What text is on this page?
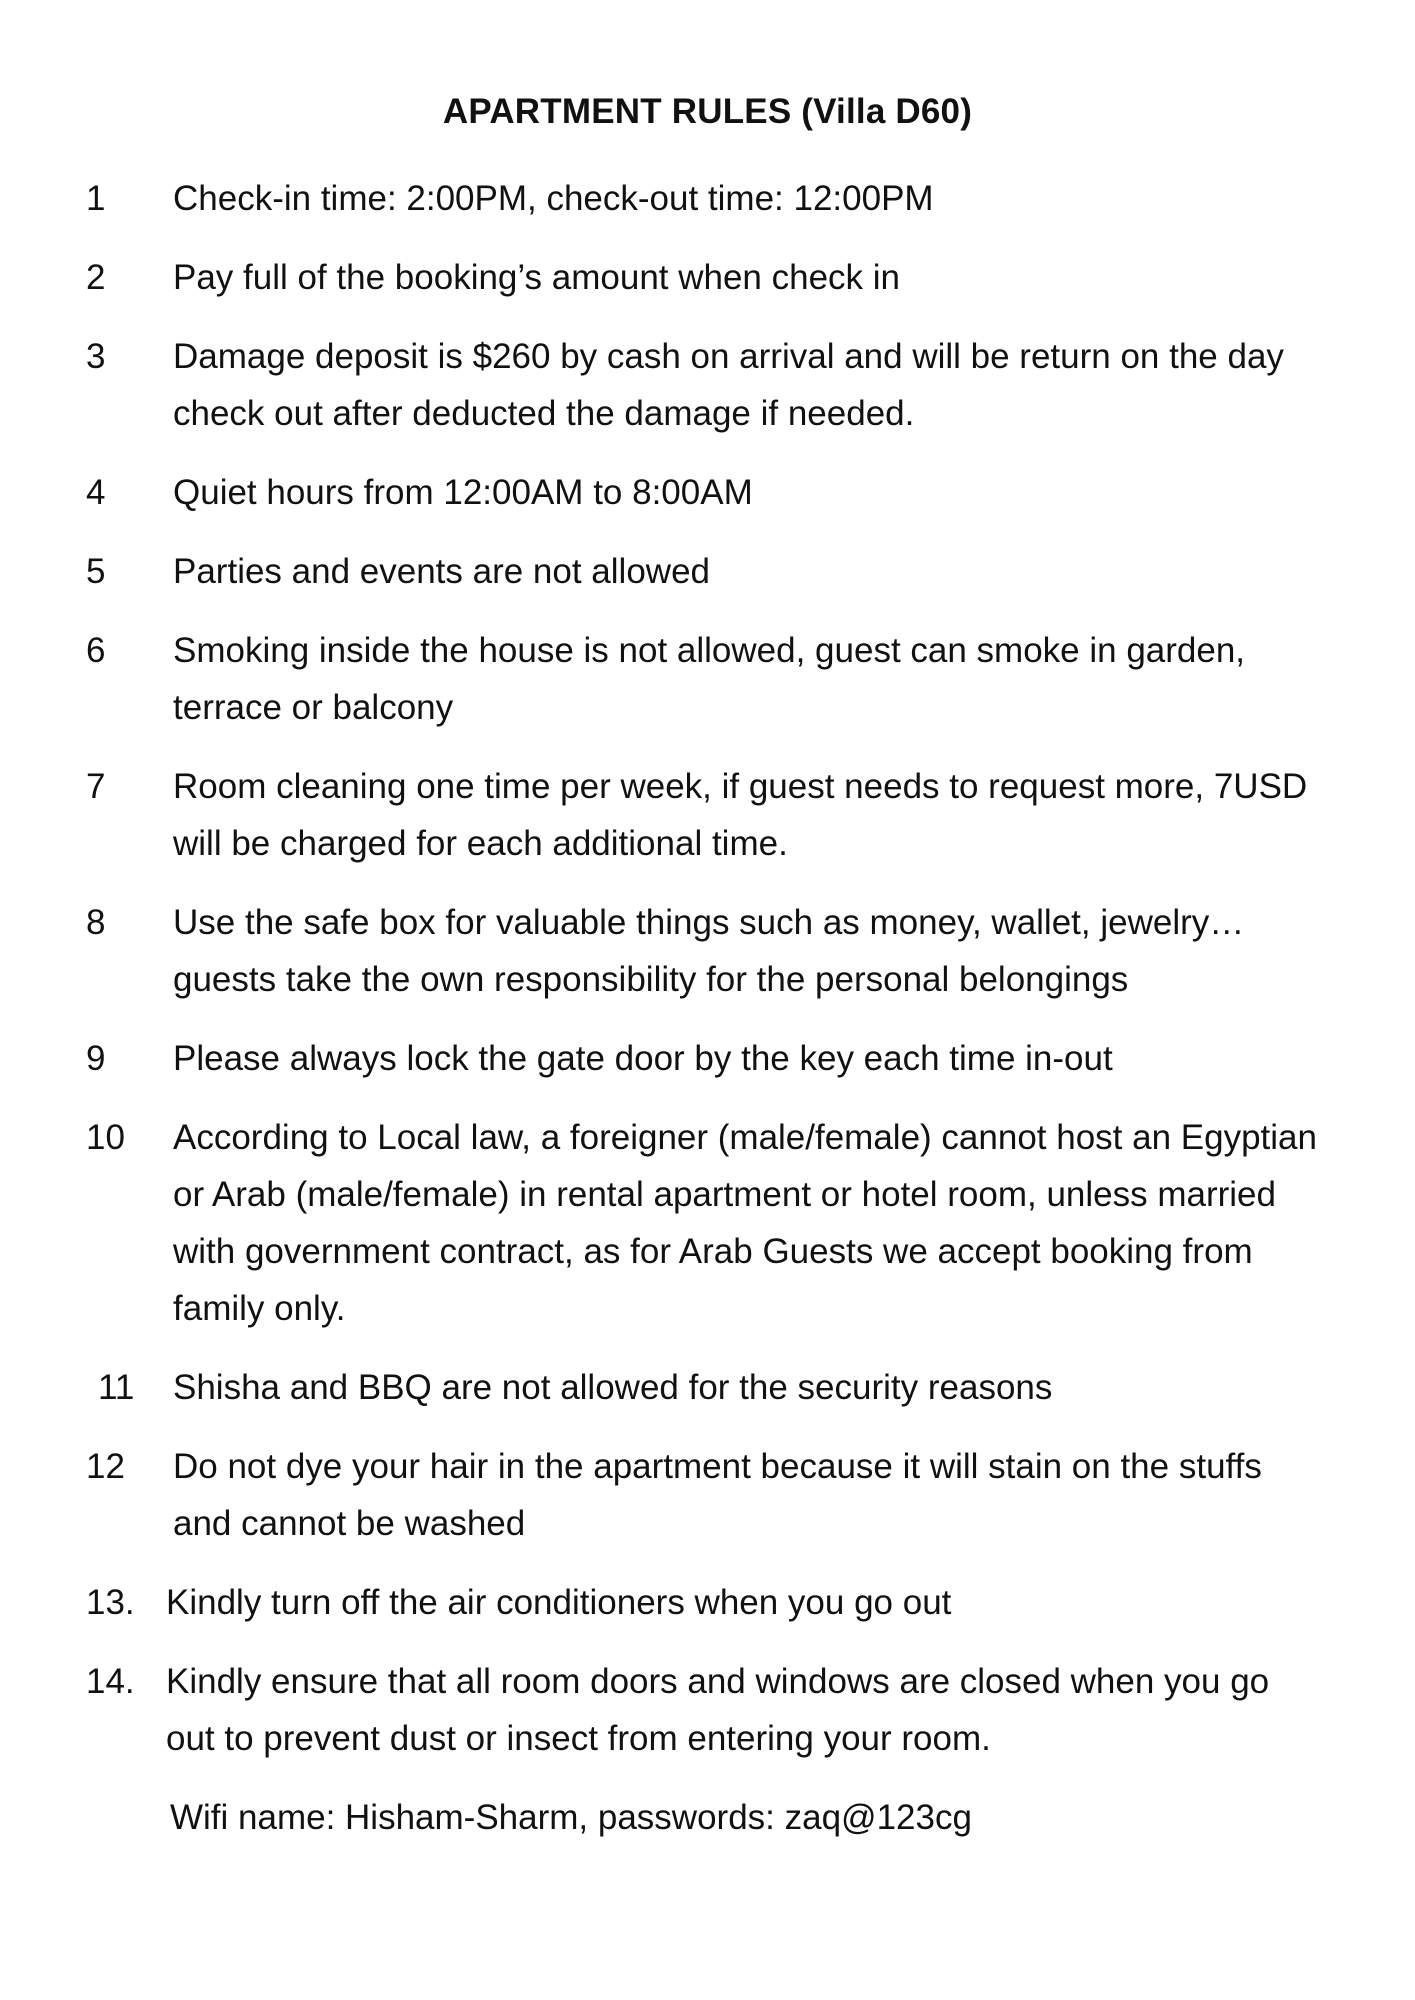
APARTMENT RULES (Villa D60)
1 Check-in time: 2:00PM, check-out time: 12:00PM
2 Pay full of the booking’s amount when check in
3 Damage deposit is $260 by cash on arrival and will be return on the day check out after deducted the damage if needed.
4 Quiet hours from 12:00AM to 8:00AM
5 Parties and events are not allowed
6 Smoking inside the house is not allowed, guest can smoke in garden, terrace or balcony
7 Room cleaning one time per week, if guest needs to request more, 7USD will be charged for each additional time.
8 Use the safe box for valuable things such as money, wallet, jewelry… guests take the own responsibility for the personal belongings
9 Please always lock the gate door by the key each time in-out
10 According to Local law, a foreigner (male/female) cannot host an Egyptian or Arab (male/female) in rental apartment or hotel room, unless married with government contract, as for Arab Guests we accept booking from family only.
11 Shisha and BBQ are not allowed for the security reasons
12 Do not dye your hair in the apartment because it will stain on the stuffs and cannot be washed
13. Kindly turn off the air conditioners when you go out
14. Kindly ensure that all room doors and windows are closed when you go out to prevent dust or insect from entering your room.
Wifi name: Hisham-Sharm, passwords: zaq@123cg
